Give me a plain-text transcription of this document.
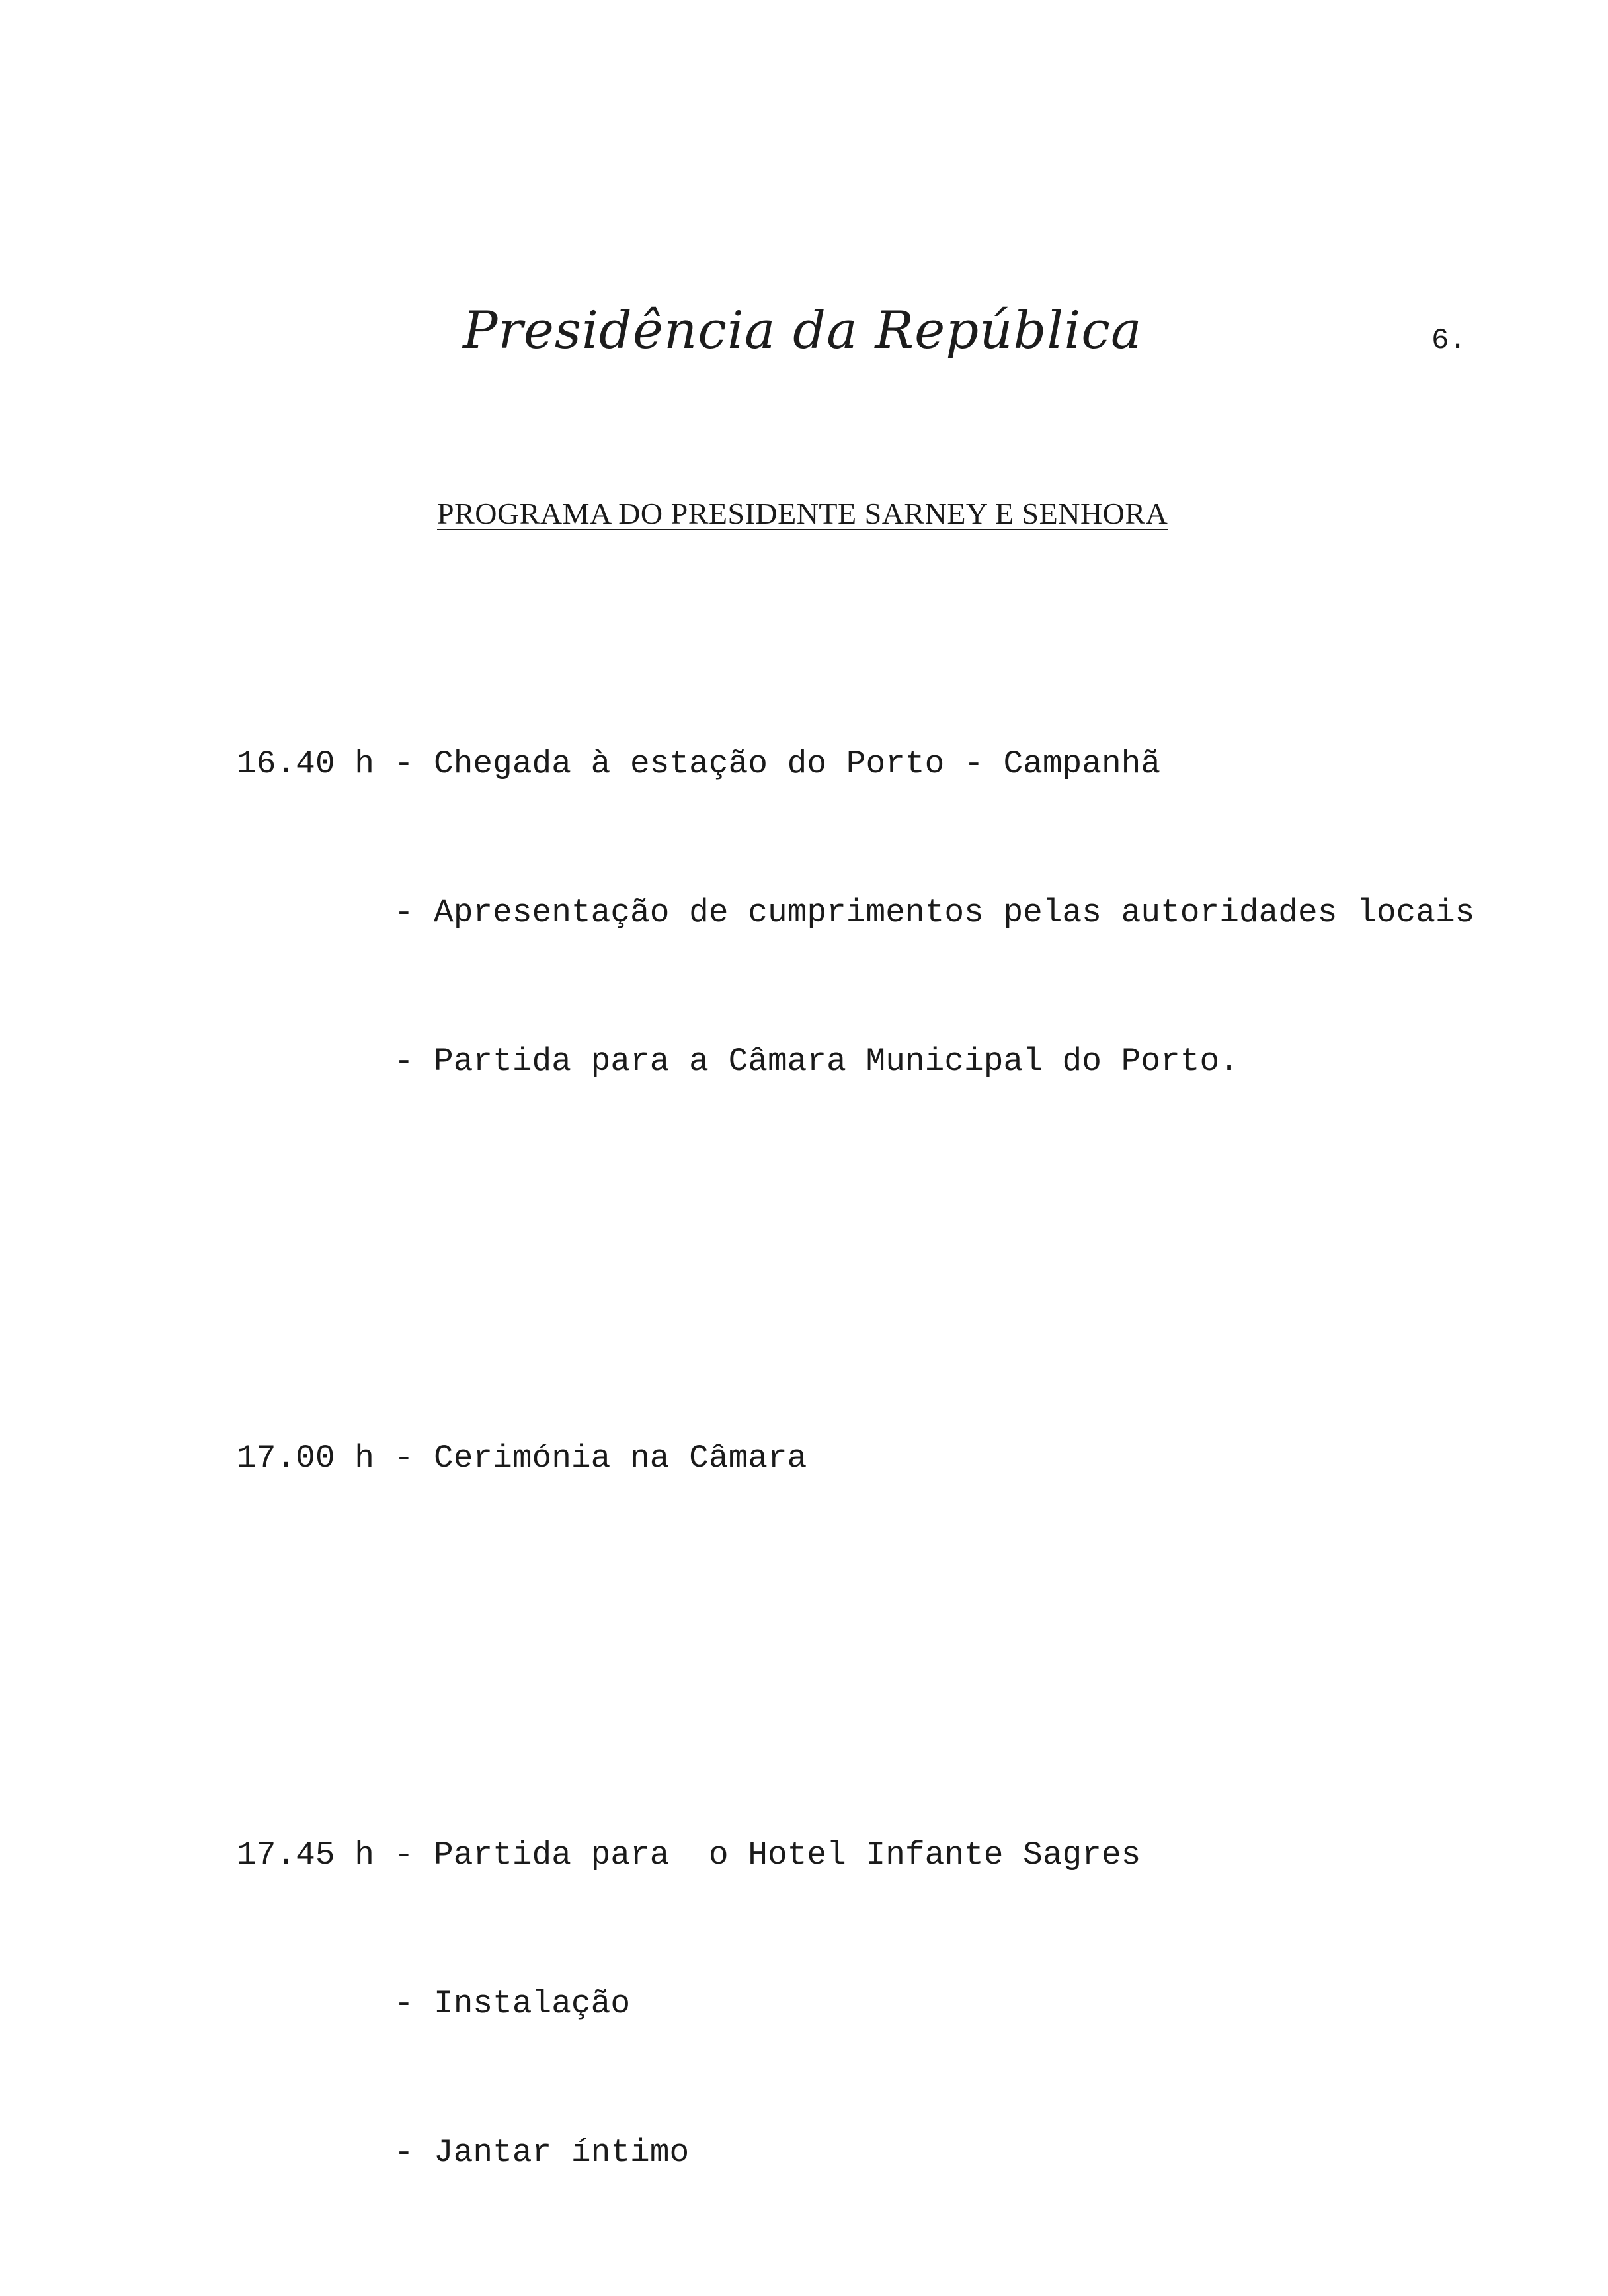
Presidência da República	6.
PROGRAMA DO PRESIDENTE SARNEY E SENHORA

16.40 h - Chegada à estação do Porto - Campanhã

- Apresentação de cumprimentos pelas autoridades locais

- Partida para a Câmara Municipal do Porto.

17.00 h - Cerimónia na Câmara

17.45 h - Partida para  o Hotel Infante Sagres

- Instalação

- Jantar íntimo
